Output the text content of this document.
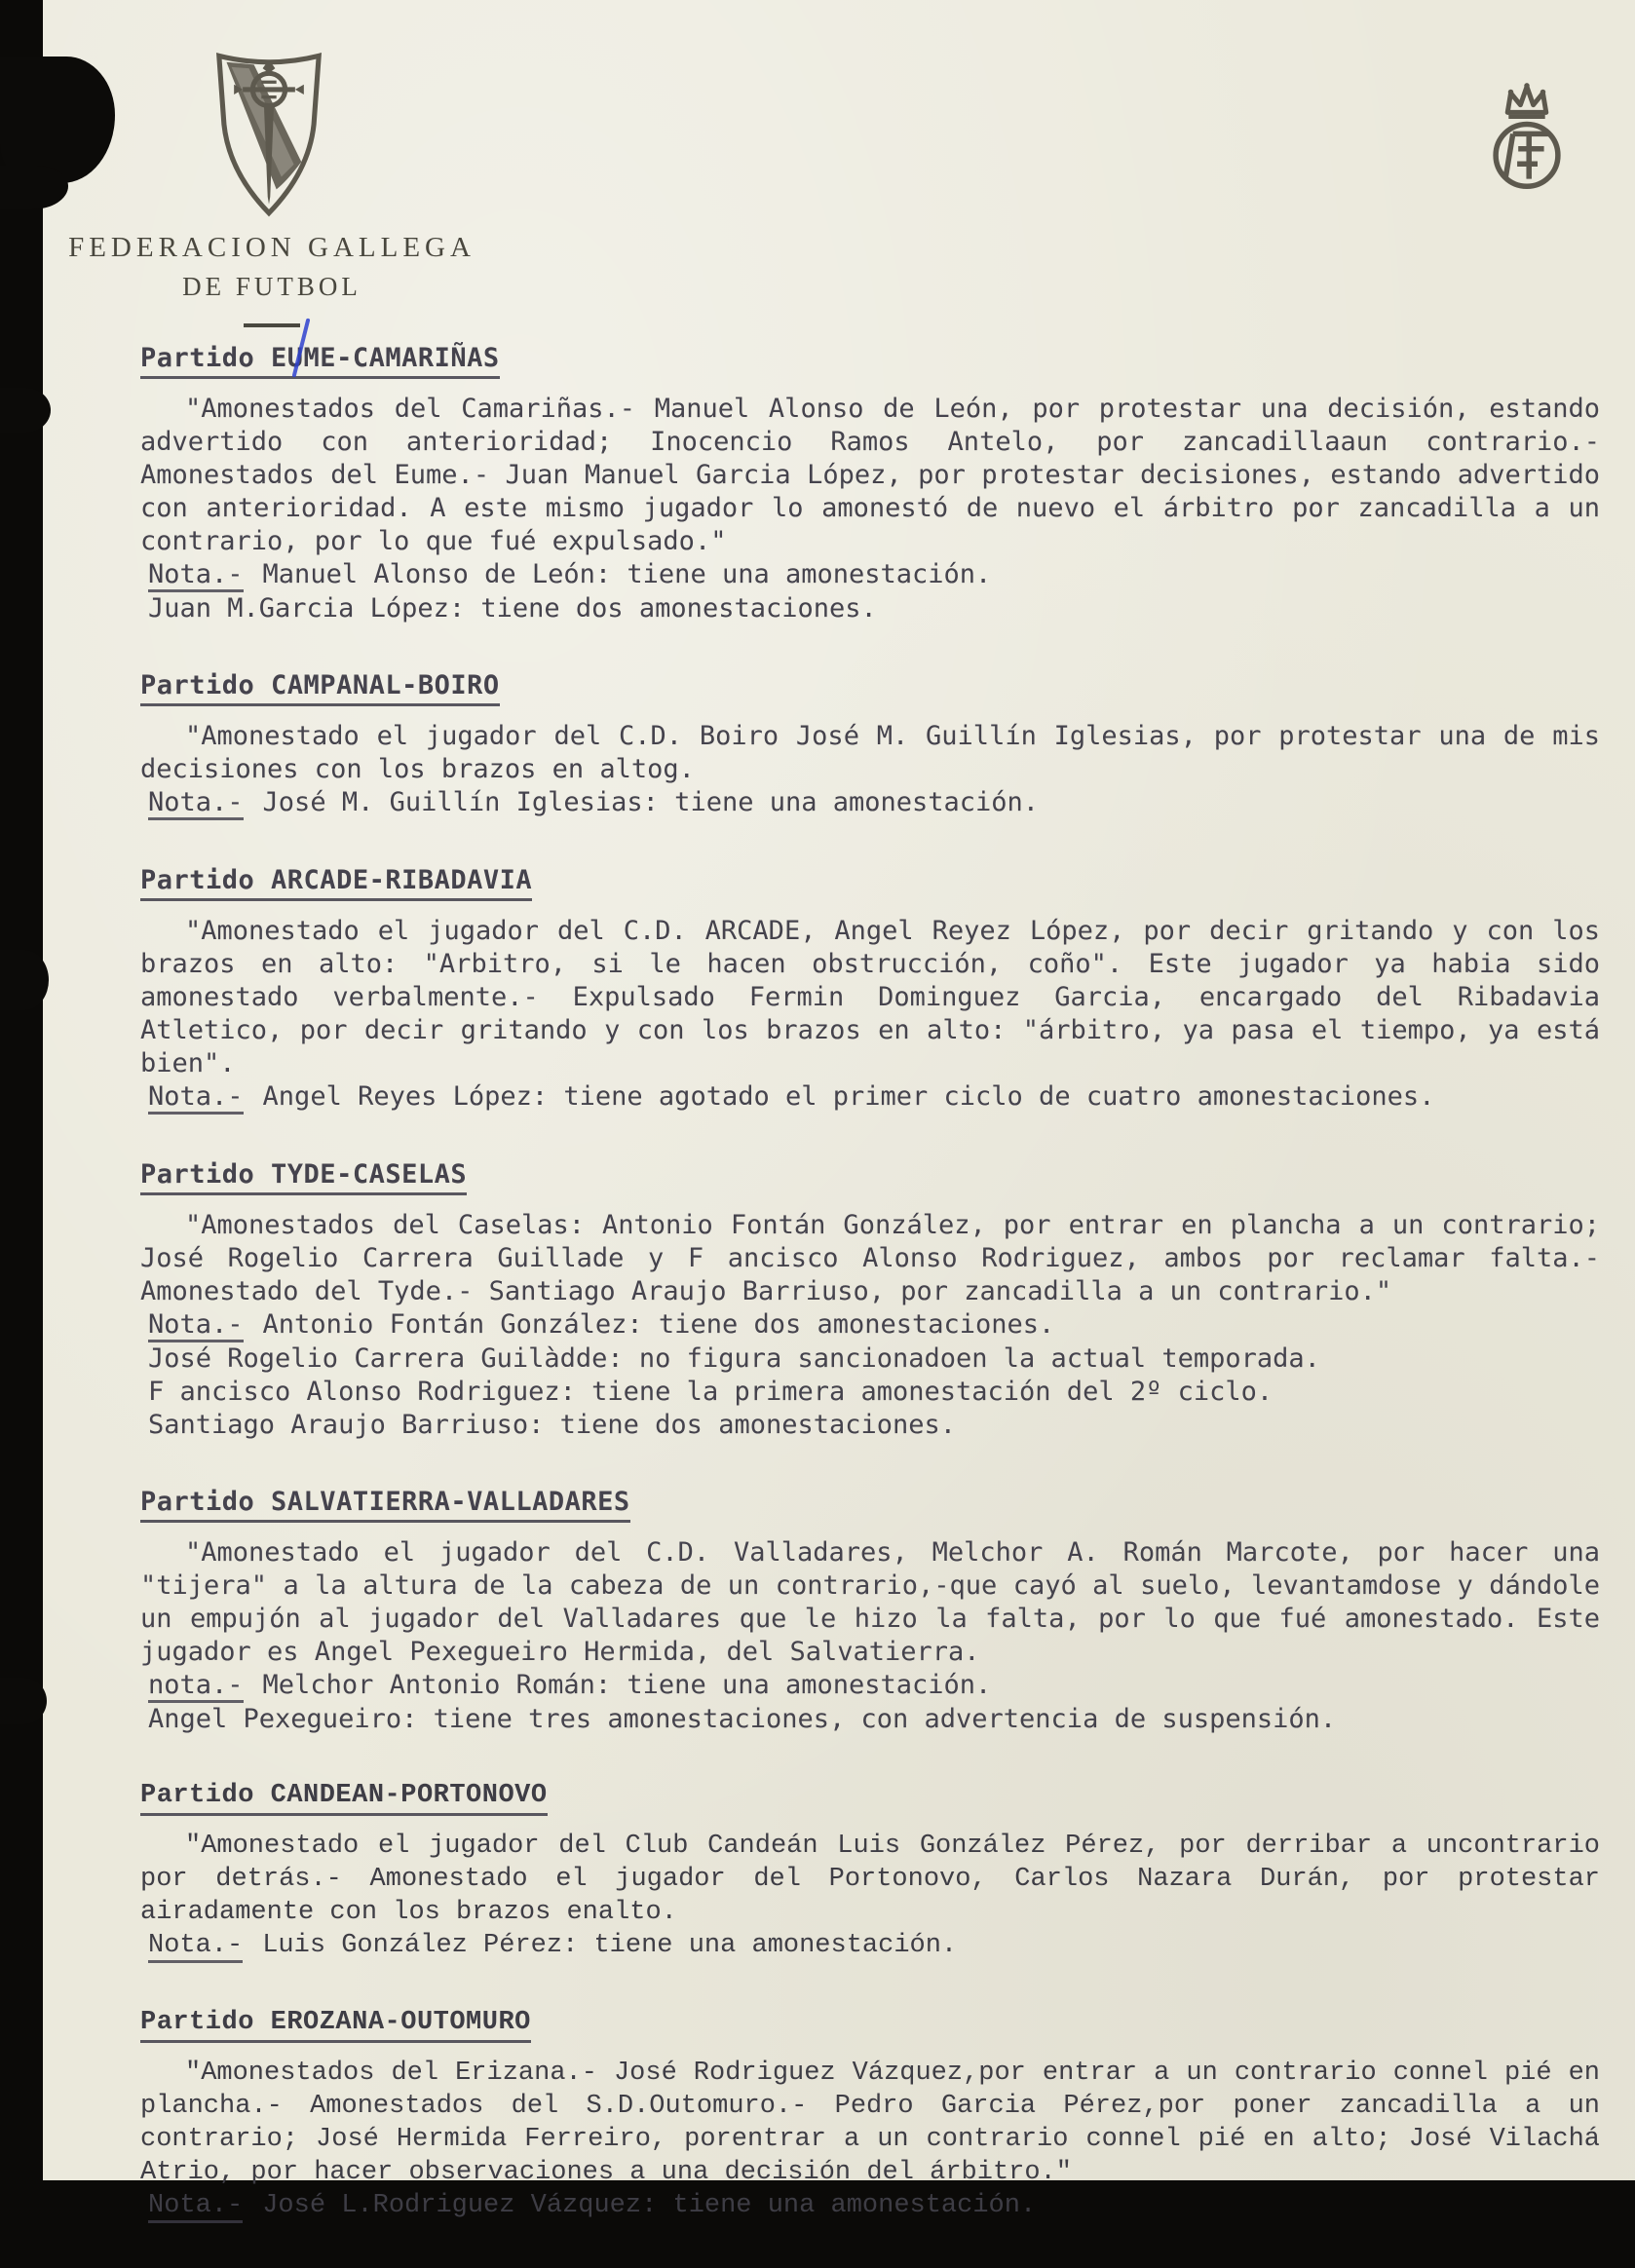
FEDERACION GALLEGA
DE FUTBOL
Partido EUME-CAMARIÑAS

"Amonestados del Camariñas.- Manuel Alonso de León, por protestar una decisión, estando advertido con anterioridad; Inocencio Ramos Antelo, por zancadillaaun contrario.- Amonestados del Eume.- Juan Manuel Garcia López, por protestar decisiones, estando advertido con anterioridad. A este mismo jugador lo amonestó de nuevo el árbitro por zancadilla a un contrario, por lo que fué expulsado."

Nota.- Manuel Alonso de León: tiene una amonestación.
Juan M.Garcia López: tiene dos amonestaciones.
Partido CAMPANAL-BOIRO

"Amonestado el jugador del C.D. Boiro José M. Guillín Iglesias, por protestar una de mis decisiones con los brazos en altog.

Nota.- José M. Guillín Iglesias: tiene una amonestación.
Partido ARCADE-RIBADAVIA

"Amonestado el jugador del C.D. ARCADE, Angel Reyez López, por decir gritando y con los brazos en alto: "Arbitro, si le hacen obstrucción, coño". Este jugador ya habia sido amonestado verbalmente.- Expulsado Fermin Dominguez Garcia, encargado del Ribadavia Atletico, por decir gritando y con los brazos en alto: "árbitro, ya pasa el tiempo, ya está bien".

Nota.- Angel Reyes López: tiene agotado el primer ciclo de cuatro amonestaciones.
Partido TYDE-CASELAS

"Amonestados del Caselas: Antonio Fontán González, por entrar en plancha a un contrario; José Rogelio Carrera Guillade y F ancisco Alonso Rodriguez, ambos por reclamar falta.-Amonestado del Tyde.- Santiago Araujo Barriuso, por zancadilla a un contrario."

Nota.- Antonio Fontán González: tiene dos amonestaciones.
José Rogelio Carrera Guilàdde: no figura sancionadoen la actual temporada.
F ancisco Alonso Rodriguez: tiene la primera amonestación del 2º ciclo.
Santiago Araujo Barriuso: tiene dos amonestaciones.
Partido SALVATIERRA-VALLADARES

"Amonestado el jugador del C.D. Valladares, Melchor A. Román Marcote, por hacer una "tijera" a la altura de la cabeza de un contrario,-que cayó al suelo, levantamdose y dándole un empujón al jugador del Valladares que le hizo la falta, por lo que fué amonestado. Este jugador es Angel Pexegueiro Hermida, del Salvatierra.

nota.- Melchor Antonio Román: tiene una amonestación.
Angel Pexegueiro: tiene tres amonestaciones, con advertencia de suspensión.
Partido CANDEAN-PORTONOVO

"Amonestado el jugador del Club Candeán Luis González Pérez, por derribar a uncontrario por detrás.- Amonestado el jugador del Portonovo, Carlos Nazara Durán, por protestar airadamente con los brazos enalto.

Nota.- Luis González Pérez: tiene una amonestación.
Partido EROZANA-OUTOMURO

"Amonestados del Erizana.- José Rodriguez Vázquez,por entrar a un contrario connel pié en plancha.- Amonestados del S.D.Outomuro.- Pedro Garcia Pérez,por poner zancadilla a un contrario; José Hermida Ferreiro, porentrar a un contrario connel pié en alto; José Vilachá Atrio, por hacer observaciones a una decisión del árbitro."

Nota.- José L.Rodriguez Vázquez: tiene una amonestación.
